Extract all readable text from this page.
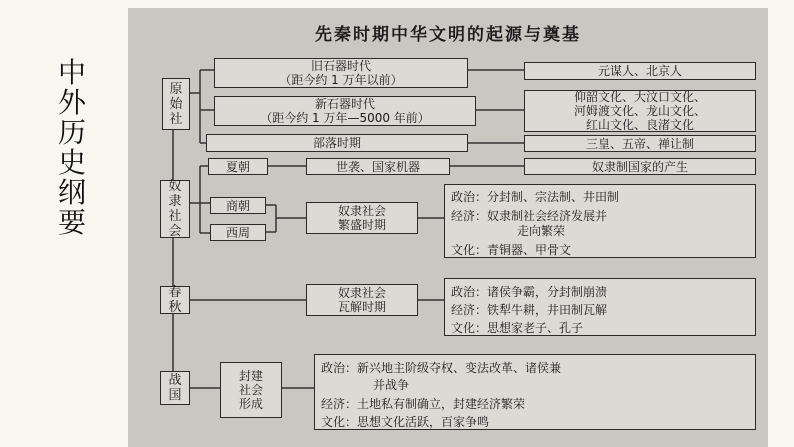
中
外
历
史
纲
要
先秦时期中华文明的起源与奠基
原
始
社
奴
隶
社
会
春
秋
战
国
旧石器时代
（距今约 1 万年以前）
新石器时代
（距今约 1 万年—5000 年前）
部落时期
元谋人、北京人
仰韶文化、大汶口文化、
河姆渡文化、龙山文化、
红山文化、良渚文化
三皇、五帝、禅让制
夏朝	世袭、国家机器	奴隶制国家的产生
商朝
西周
奴隶社会
繁盛时期
政治：分封制、宗法制、井田制
经济：奴隶制社会经济发展并
走向繁荣
文化：青铜器、甲骨文
奴隶社会
瓦解时期
政治：诸侯争霸，分封制崩溃
经济：铁犁牛耕，井田制瓦解
文化：思想家老子、孔子
封建
社会
形成
政治：新兴地主阶级夺权、变法改革、诸侯兼
并战争
经济：土地私有制确立，封建经济繁荣
文化：思想文化活跃，百家争鸣
